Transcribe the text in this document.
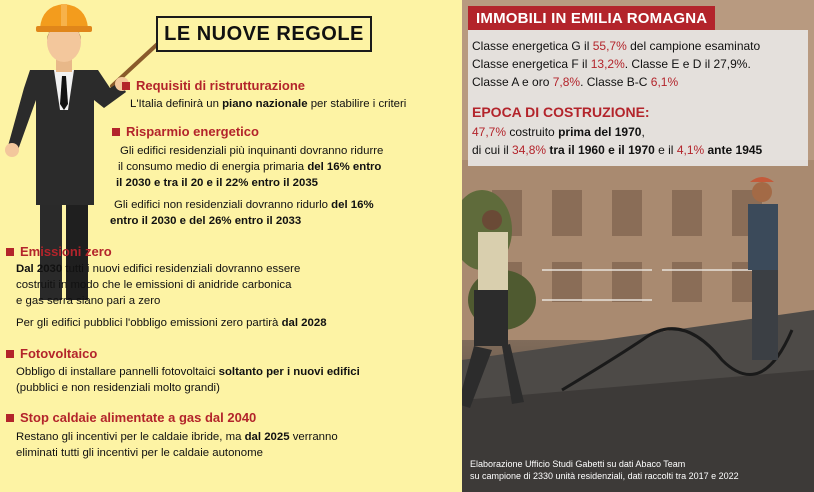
LE NUOVE REGOLE
Requisiti di ristrutturazione
L'Italia definirà un piano nazionale per stabilire i criteri
Risparmio energetico
Gli edifici residenziali più inquinanti dovranno ridurre
il consumo medio di energia primaria del 16% entro
il 2030 e tra il 20 e il 22% entro il 2035
Gli edifici non residenziali dovranno ridurlo del 16%
entro il 2030 e del 26% entro il 2033
Emissioni zero
Dal 2030 tutti i nuovi edifici residenziali dovranno essere
costruiti in modo che le emissioni di anidride carbonica
e gas serra siano pari a zero
Per gli edifici pubblici l'obbligo emissioni zero partirà dal 2028
Fotovoltaico
Obbligo di installare pannelli fotovoltaici soltanto per i nuovi edifici
(pubblici e non residenziali molto grandi)
Stop caldaie alimentate a gas dal 2040
Restano gli incentivi per le caldaie ibride, ma dal 2025 verranno
eliminati tutti gli incentivi per le caldaie autonome
IMMOBILI IN EMILIA ROMAGNA
Classe energetica G il 55,7% del campione esaminato
Classe energetica F il 13,2%. Classe E e D il 27,9%.
Classe A e oro 7,8%. Classe B-C 6,1%
EPOCA DI COSTRUZIONE:
47,7% costruito prima del 1970,
di cui il 34,8% tra il 1960 e il 1970 e il 4,1% ante 1945
Elaborazione Ufficio Studi Gabetti su dati Abaco Team
su campione di 2330 unità residenziali, dati raccolti tra 2017 e 2022
